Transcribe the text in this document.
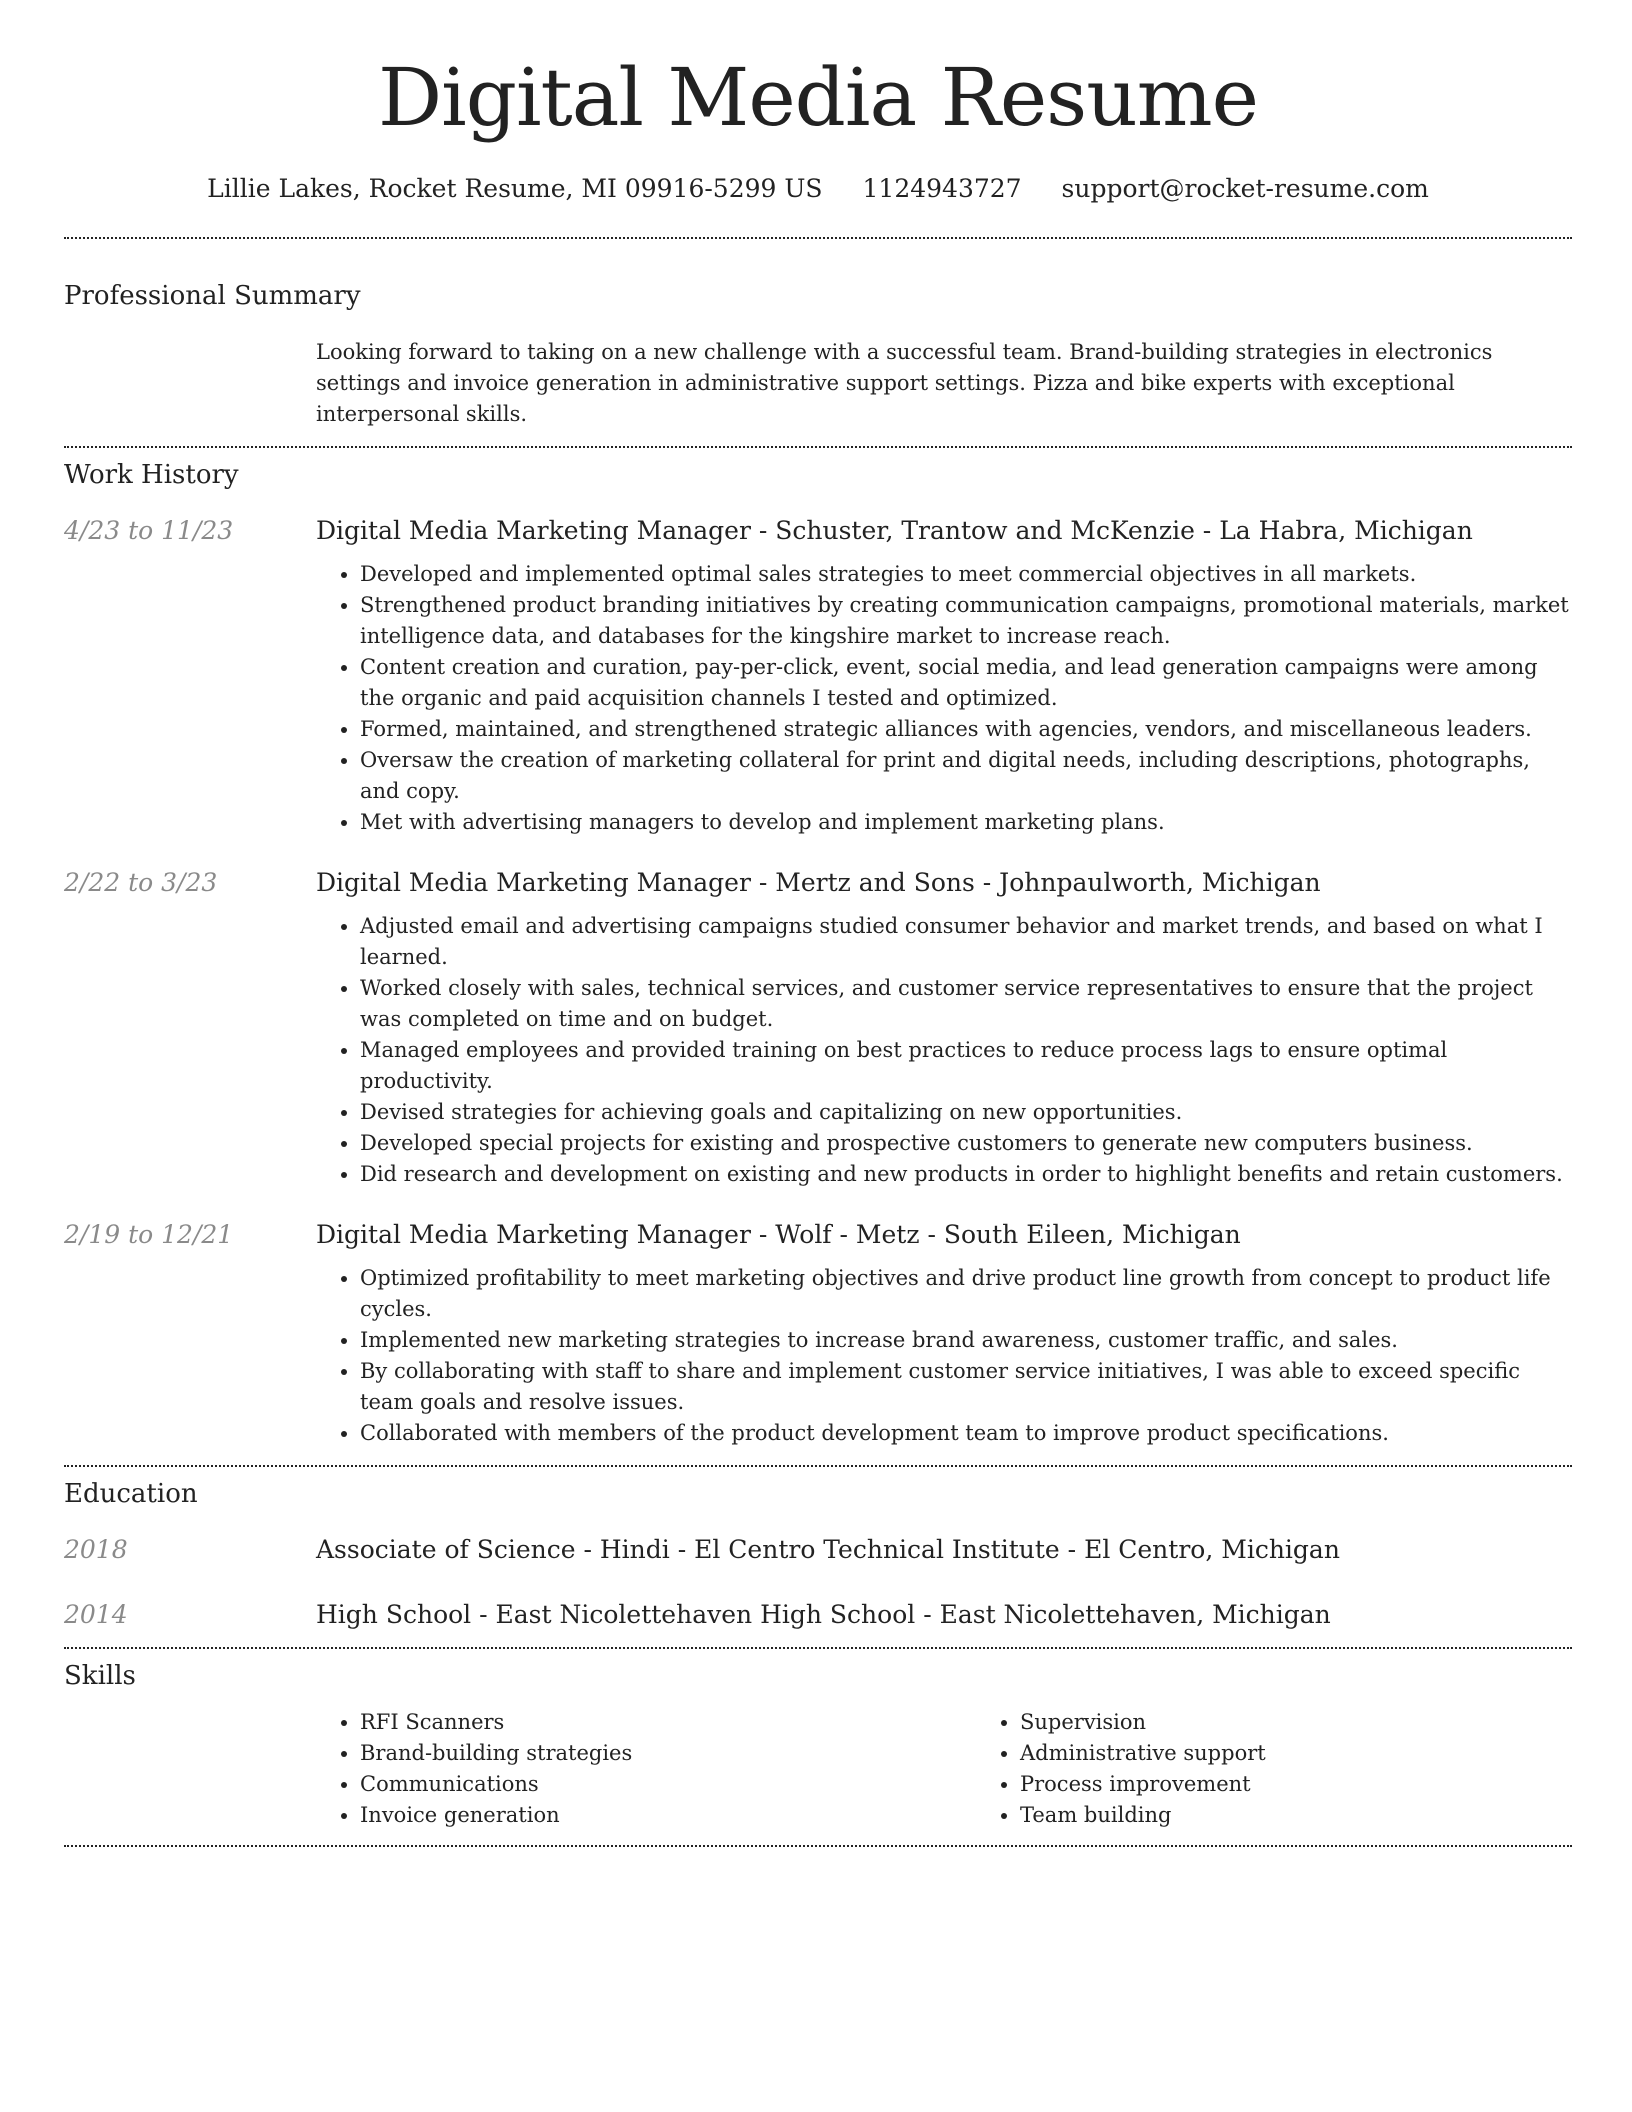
Digital Media Resume
Lillie Lakes, Rocket Resume, MI 09916-5299 US 1124943727 support@rocket-resume.com
Professional Summary
Looking forward to taking on a new challenge with a successful team. Brand-building strategies in electronics settings and invoice generation in administrative support settings. Pizza and bike experts with exceptional interpersonal skills.
Work History
4/23 to 11/23	Digital Media Marketing Manager - Schuster, Trantow and McKenzie - La Habra, Michigan
• Developed and implemented optimal sales strategies to meet commercial objectives in all markets.
• Strengthened product branding initiatives by creating communication campaigns, promotional materials, market intelligence data, and databases for the kingshire market to increase reach.
• Content creation and curation, pay-per-click, event, social media, and lead generation campaigns were among the organic and paid acquisition channels I tested and optimized.
• Formed, maintained, and strengthened strategic alliances with agencies, vendors, and miscellaneous leaders.
• Oversaw the creation of marketing collateral for print and digital needs, including descriptions, photographs, and copy.
• Met with advertising managers to develop and implement marketing plans.
2/22 to 3/23	Digital Media Marketing Manager - Mertz and Sons - Johnpaulworth, Michigan
• Adjusted email and advertising campaigns studied consumer behavior and market trends, and based on what I learned.
• Worked closely with sales, technical services, and customer service representatives to ensure that the project was completed on time and on budget.
• Managed employees and provided training on best practices to reduce process lags to ensure optimal productivity.
• Devised strategies for achieving goals and capitalizing on new opportunities.
• Developed special projects for existing and prospective customers to generate new computers business.
• Did research and development on existing and new products in order to highlight benefits and retain customers.
2/19 to 12/21	Digital Media Marketing Manager - Wolf - Metz - South Eileen, Michigan
• Optimized profitability to meet marketing objectives and drive product line growth from concept to product life cycles.
• Implemented new marketing strategies to increase brand awareness, customer traffic, and sales.
• By collaborating with staff to share and implement customer service initiatives, I was able to exceed specific team goals and resolve issues.
• Collaborated with members of the product development team to improve product specifications.
Education
2018	Associate of Science - Hindi - El Centro Technical Institute - El Centro, Michigan
2014	High School - East Nicolettehaven High School - East Nicolettehaven, Michigan
Skills
• RFI Scanners
• Brand-building strategies
• Communications
• Invoice generation
• Supervision
• Administrative support
• Process improvement
• Team building
